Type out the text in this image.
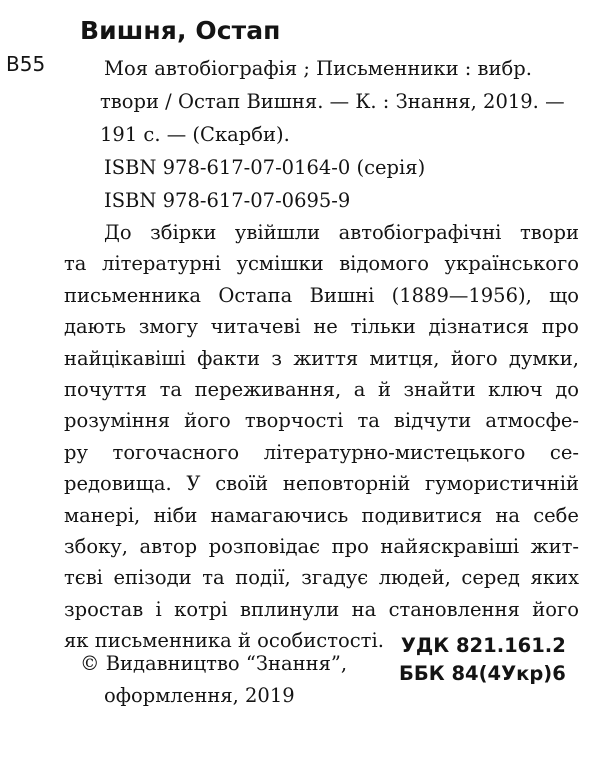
Вишня, Остап
В55	Моя автобіографія ; Письменники : вибр.
твори / Остап Вишня. — К. : Знання, 2019. —
191 с. — (Скарби).
ISBN 978-617-07-0164-0 (серія)
ISBN 978-617-07-0695-9
До збірки увійшли автобіографічні твори
та літературні усмішки відомого українського
письменника Остапа Вишні (1889—1956), що
дають змогу читачеві не тільки дізнатися про
найцікавіші факти з життя митця, його думки,
почуття та переживання, а й знайти ключ до
розуміння його творчості та відчути атмосфе-
ру тогочасного літературно-мистецького се-
редовища. У своїй неповторній гумористичній
манері, ніби намагаючись подивитися на себе
збоку, автор розповідає про найяскравіші жит-
тєві епізоди та події, згадує людей, серед яких
зростав і котрі вплинули на становлення його
як письменника й особистості.
© Видавництво “Знання”,
оформлення, 2019
УДК 821.161.2
ББК 84(4Укр)6
